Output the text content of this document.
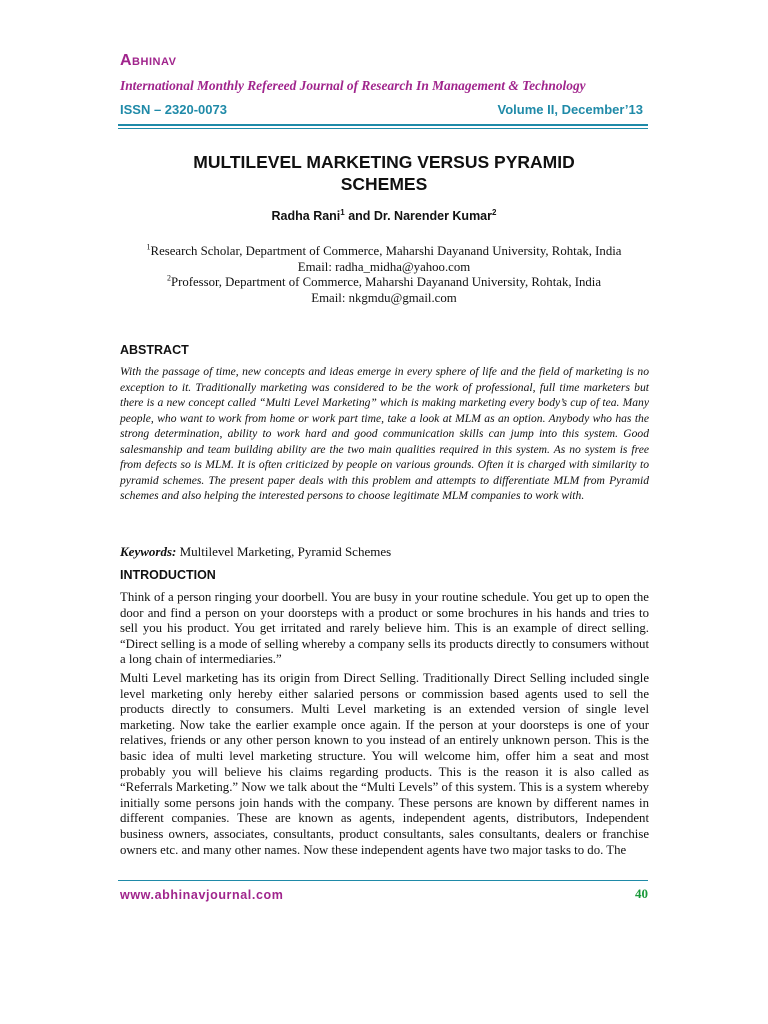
Abhinav
International Monthly Refereed Journal of Research In Management & Technology
ISSN – 2320-0073	Volume II, December’13
MULTILEVEL MARKETING VERSUS PYRAMID
SCHEMES
Radha Rani$^1$ and Dr. Narender Kumar$^2$
$^1$Research Scholar, Department of Commerce, Maharshi Dayanand University, Rohtak, India
Email: radha_midha@yahoo.com
$^2$Professor, Department of Commerce, Maharshi Dayanand University, Rohtak, India
Email: nkgmdu@gmail.com
ABSTRACT
With the passage of time, new concepts and ideas emerge in every sphere of life and the field of marketing is no exception to it. Traditionally marketing was considered to be the work of professional, full time marketers but there is a new concept called “Multi Level Marketing” which is making marketing every body’s cup of tea. Many people, who want to work from home or work part time, take a look at MLM as an option. Anybody who has the strong determination, ability to work hard and good communication skills can jump into this system. Good salesmanship and team building ability are the two main qualities required in this system. As no system is free from defects so is MLM. It is often criticized by people on various grounds. Often it is charged with similarity to pyramid schemes. The present paper deals with this problem and attempts to differentiate MLM from Pyramid schemes and also helping the interested persons to choose legitimate MLM companies to work with.
Keywords: Multilevel Marketing, Pyramid Schemes
INTRODUCTION
Think of a person ringing your doorbell. You are busy in your routine schedule. You get up to open the door and find a person on your doorsteps with a product or some brochures in his hands and tries to sell you his product. You get irritated and rarely believe him. This is an example of direct selling. “Direct selling is a mode of selling whereby a company sells its products directly to consumers without a long chain of intermediaries.”
Multi Level marketing has its origin from Direct Selling. Traditionally Direct Selling included single level marketing only hereby either salaried persons or commission based agents used to sell the products directly to consumers. Multi Level marketing is an extended version of single level marketing. Now take the earlier example once again. If the person at your doorsteps is one of your relatives, friends or any other person known to you instead of an entirely unknown person. This is the basic idea of multi level marketing structure. You will welcome him, offer him a seat and most probably you will believe his claims regarding products. This is the reason it is also called as “Referrals Marketing.” Now we talk about the “Multi Levels” of this system. This is a system whereby initially some persons join hands with the company. These persons are known by different names in different companies. These are known as agents, independent agents, distributors, Independent business owners, associates, consultants, product consultants, sales consultants, dealers or franchise owners etc. and many other names. Now these independent agents have two major tasks to do. The
www.abhinavjournal.com	40
